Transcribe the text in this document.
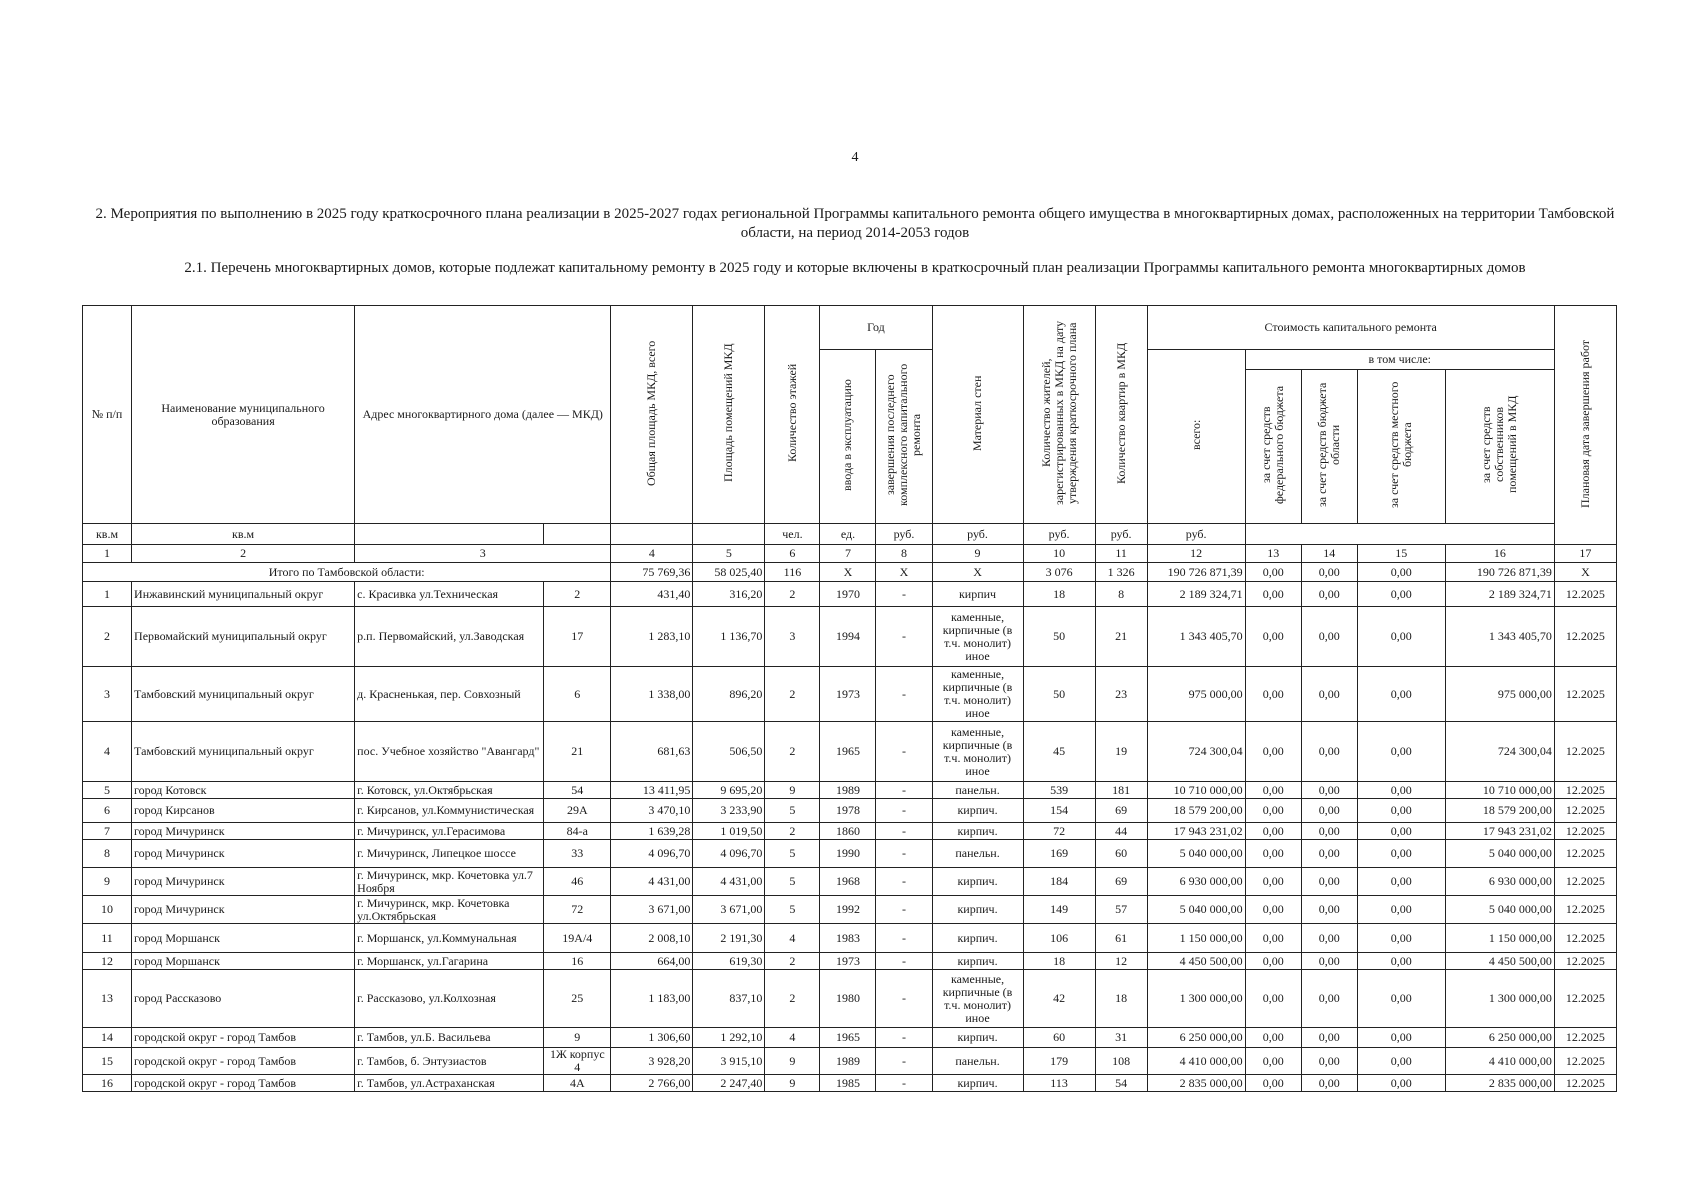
4
2. Мероприятия по выполнению в 2025 году краткосрочного плана реализации в 2025-2027 годах региональной Программы капитального ремонта общего имущества в многоквартирных домах, расположенных на территории Тамбовской области, на период 2014-2053 годов
2.1. Перечень многоквартирных домов, которые подлежат капитальному ремонту в 2025 году и которые включены в краткосрочный план реализации Программы капитального ремонта многоквартирных домов
№ п/п	Наименование муниципального образования	Адрес многоквартирного дома (далее — МКД)		Общая площадь МКД, всего	Площадь помещений МКД	Количество этажей	Год		Материал стен	Количество жителей, зарегистрированных в МКД на дату утверждения краткосрочного плана	Количество квартир в МКД	Стоимость капитального ремонта					Плановая дата завершения работ
							ввода в эксплуатацию	завершения последнего комплексного капитального ремонта				всего:	в том числе:				
													за счет средств федерального бюджета	за счет средств бюджета области	за счет средств местного бюджета	за счет средств собственников помещений в МКД	
кв.м	кв.м					чел.	ед.	руб.	руб.	руб.	руб.	руб.					
1	2	3		4	5	6	7	8	9	10	11	12	13	14	15	16	17
Итого по Тамбовской области:				75 769,36	58 025,40	116	X	X	X	3 076	1 326	190 726 871,39	0,00	0,00	0,00	190 726 871,39	X
1	Инжавинский муниципальный округ	с. Красивка ул.Техническая	2	431,40	316,20	2	1970	-	кирпич	18	8	2 189 324,71	0,00	0,00	0,00	2 189 324,71	12.2025
2	Первомайский муниципальный округ	р.п. Первомайский, ул.Заводская	17	1 283,10	1 136,70	3	1994	-	каменные, кирпичные (в т.ч. монолит) иное	50	21	1 343 405,70	0,00	0,00	0,00	1 343 405,70	12.2025
3	Тамбовский муниципальный округ	д. Красненькая, пер. Совхозный	6	1 338,00	896,20	2	1973	-	каменные, кирпичные (в т.ч. монолит) иное	50	23	975 000,00	0,00	0,00	0,00	975 000,00	12.2025
4	Тамбовский муниципальный округ	пос. Учебное хозяйство "Авангард"	21	681,63	506,50	2	1965	-	каменные, кирпичные (в т.ч. монолит) иное	45	19	724 300,04	0,00	0,00	0,00	724 300,04	12.2025
5	город Котовск	г. Котовск, ул.Октябрьская	54	13 411,95	9 695,20	9	1989	-	панельн.	539	181	10 710 000,00	0,00	0,00	0,00	10 710 000,00	12.2025
6	город Кирсанов	г. Кирсанов, ул.Коммунистическая	29А	3 470,10	3 233,90	5	1978	-	кирпич.	154	69	18 579 200,00	0,00	0,00	0,00	18 579 200,00	12.2025
7	город Мичуринск	г. Мичуринск, ул.Герасимова	84-а	1 639,28	1 019,50	2	1860	-	кирпич.	72	44	17 943 231,02	0,00	0,00	0,00	17 943 231,02	12.2025
8	город Мичуринск	г. Мичуринск, Липецкое шоссе	33	4 096,70	4 096,70	5	1990	-	панельн.	169	60	5 040 000,00	0,00	0,00	0,00	5 040 000,00	12.2025
9	город Мичуринск	г. Мичуринск, мкр. Кочетовка ул.7 Ноября	46	4 431,00	4 431,00	5	1968	-	кирпич.	184	69	6 930 000,00	0,00	0,00	0,00	6 930 000,00	12.2025
10	город Мичуринск	г. Мичуринск, мкр. Кочетовка ул.Октябрьская	72	3 671,00	3 671,00	5	1992	-	кирпич.	149	57	5 040 000,00	0,00	0,00	0,00	5 040 000,00	12.2025
11	город Моршанск	г. Моршанск, ул.Коммунальная	19А/4	2 008,10	2 191,30	4	1983	-	кирпич.	106	61	1 150 000,00	0,00	0,00	0,00	1 150 000,00	12.2025
12	город Моршанск	г. Моршанск, ул.Гагарина	16	664,00	619,30	2	1973	-	кирпич.	18	12	4 450 500,00	0,00	0,00	0,00	4 450 500,00	12.2025
13	город Рассказово	г. Рассказово, ул.Колхозная	25	1 183,00	837,10	2	1980	-	каменные, кирпичные (в т.ч. монолит) иное	42	18	1 300 000,00	0,00	0,00	0,00	1 300 000,00	12.2025
14	городской округ - город Тамбов	г. Тамбов, ул.Б. Васильева	9	1 306,60	1 292,10	4	1965	-	кирпич.	60	31	6 250 000,00	0,00	0,00	0,00	6 250 000,00	12.2025
15	городской округ - город Тамбов	г. Тамбов, б. Энтузиастов	1Ж корпус 4	3 928,20	3 915,10	9	1989	-	панельн.	179	108	4 410 000,00	0,00	0,00	0,00	4 410 000,00	12.2025
16	городской округ - город Тамбов	г. Тамбов, ул.Астраханская	4А	2 766,00	2 247,40	9	1985	-	кирпич.	113	54	2 835 000,00	0,00	0,00	0,00	2 835 000,00	12.2025
